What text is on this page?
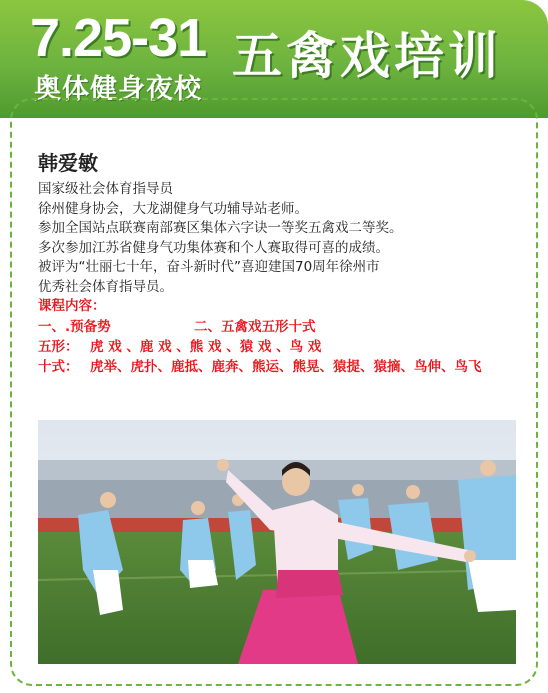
7.25-31
奥体健身夜校
五禽戏培训
韩爱敏
国家级社会体育指导员
徐州健身协会，大龙湖健身气功辅导站老师。
参加全国站点联赛南部赛区集体六字诀一等奖五禽戏二等奖。
多次参加江苏省健身气功集体赛和个人赛取得可喜的成绩。
被评为“壮丽七十年，奋斗新时代”喜迎建国70周年徐州市
优秀社会体育指导员。
课程内容：
一、.预备势	二、五禽戏五形十式
五形： 虎 戏 、鹿 戏 、熊 戏 、猿 戏 、鸟 戏
十式： 虎举、虎扑、鹿抵、鹿奔、熊运、熊晃、猿提、猿摘、鸟伸、鸟飞
